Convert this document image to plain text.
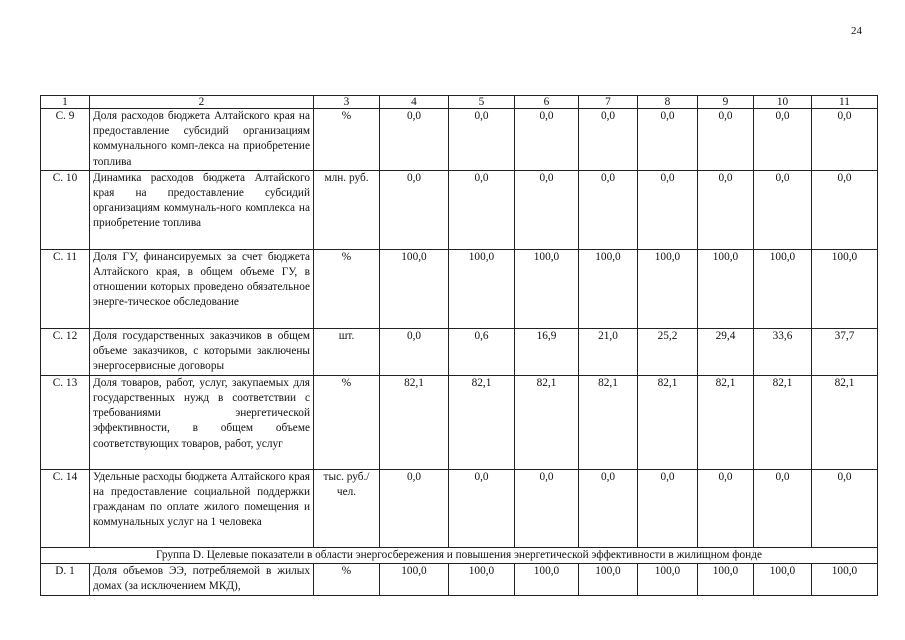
24
1	2	3	4	5	6	7	8	9	10	11
С. 9	Доля расходов бюджета Алтайского края на предоставление субсидий организациям коммунального комп-лекса на приобретение топлива	%	0,0	0,0	0,0	0,0	0,0	0,0	0,0	0,0
С. 10	Динамика расходов бюджета Алтайского края на предоставление субсидий организациям коммуналь-ного комплекса на приобретение топлива	млн. руб.	0,0	0,0	0,0	0,0	0,0	0,0	0,0	0,0
С. 11	Доля ГУ, финансируемых за счет бюджета Алтайского края, в общем объеме ГУ, в отношении которых проведено обязательное энерге-тическое обследование	%	100,0	100,0	100,0	100,0	100,0	100,0	100,0	100,0
С. 12	Доля государственных заказчиков в общем объеме заказчиков, с которыми заключены энергосервисные договоры	шт.	0,0	0,6	16,9	21,0	25,2	29,4	33,6	37,7
С. 13	Доля товаров, работ, услуг, закупаемых для государственных нужд в соответствии с требованиями энергетической эффективности, в общем объеме соответствующих товаров, работ, услуг	%	82,1	82,1	82,1	82,1	82,1	82,1	82,1	82,1
С. 14	Удельные расходы бюджета Алтайского края на предоставление социальной поддержки гражданам по оплате жилого помещения и коммунальных услуг на 1 человека	тыс. руб./ чел.	0,0	0,0	0,0	0,0	0,0	0,0	0,0	0,0
Группа D. Целевые показатели в области энергосбережения и повышения энергетической эффективности в жилищном фонде										
D. 1	Доля объемов ЭЭ, потребляемой в жилых домах (за исключением МКД),	%	100,0	100,0	100,0	100,0	100,0	100,0	100,0	100,0
